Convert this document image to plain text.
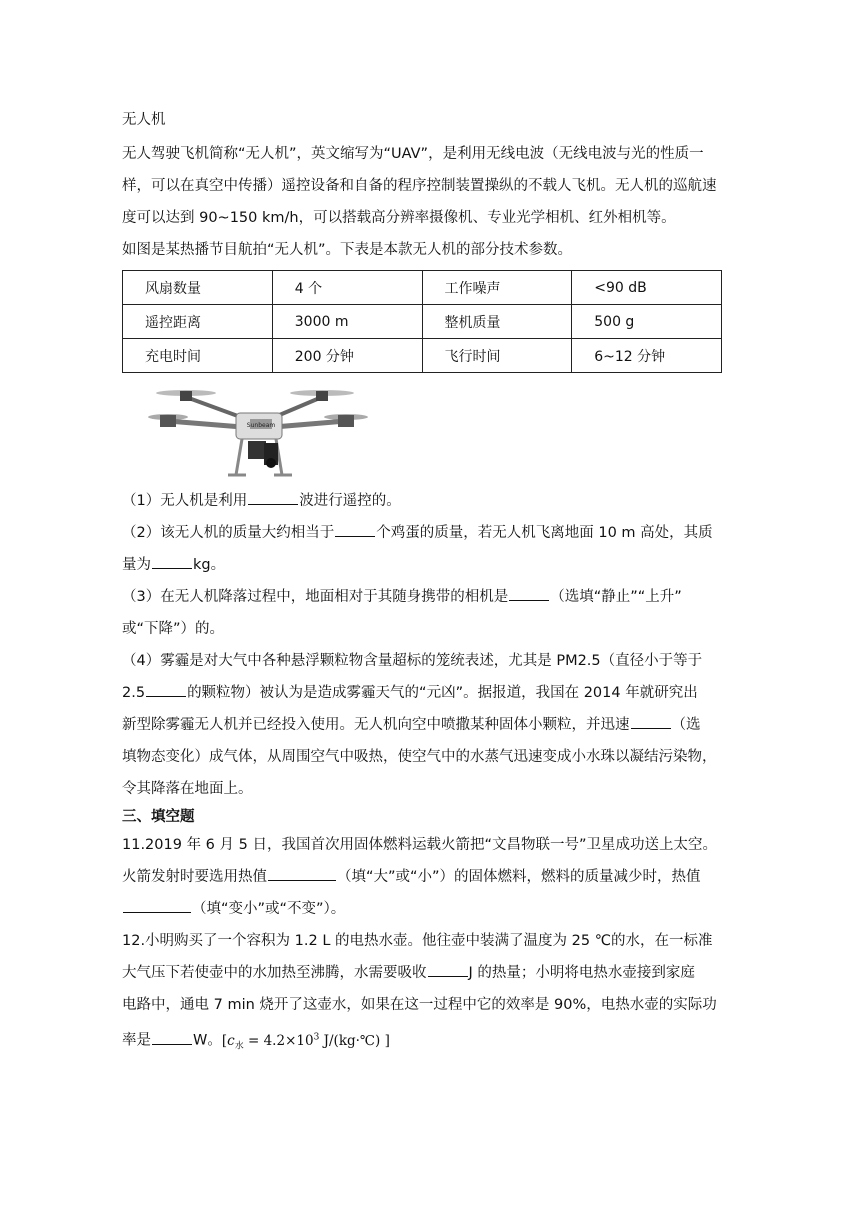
无人机

无人驾驶飞机简称“无人机”，英文缩写为“UAV”，是利用无线电波（无线电波与光的性质一样，可以在真空中传播）遥控设备和自备的程序控制装置操纵的不载人飞机。无人机的巡航速度可以达到 90~150 km/h，可以搭载高分辨率摄像机、专业光学相机、红外相机等。

如图是某热播节目航拍“无人机”。下表是本款无人机的部分技术参数。

风扇数量	4 个	工作噪声	<90 dB
遥控距离	3000 m	整机质量	500 g
充电时间	200 分钟	飞行时间	6~12 分钟
Sunbeam

（1）无人机是利用	波进行遥控的。

（2）该无人机的质量大约相当于	个鸡蛋的质量，若无人机飞离地面 10 m 高处，其质

量为	kg。

（3）在无人机降落过程中，地面相对于其随身携带的相机是	（选填“静止”“上升”

或“下降”）的。

（4）雾霾是对大气中各种悬浮颗粒物含量超标的笼统表述，尤其是 PM2.5（直径小于等于

2.5	的颗粒物）被认为是造成雾霾天气的“元凶”。据报道，我国在 2014 年就研究出

新型除雾霾无人机并已经投入使用。无人机向空中喷撒某种固体小颗粒，并迅速	（选

填物态变化）成气体，从周围空气中吸热，使空气中的水蒸气迅速变成小水珠以凝结污染物，

令其降落在地面上。

三、填空题

11.2019 年 6 月 5 日，我国首次用固体燃料运载火箭把“文昌物联一号”卫星成功送上太空。

火箭发射时要选用热值	（填“大”或“小”）的固体燃料，燃料的质量减少时，热值

（填“变小”或“不变”）。

12.小明购买了一个容积为 1.2 L 的电热水壶。他往壶中装满了温度为 25 ℃的水，在一标准

大气压下若使壶中的水加热至沸腾，水需要吸收	J 的热量；小明将电热水壶接到家庭

电路中，通电 7 min 烧开了这壶水，如果在这一过程中它的效率是 90%，电热水壶的实际功

率是	W。[$c_水 = 4.2\times 10^3$ J/(kg·℃) ]
